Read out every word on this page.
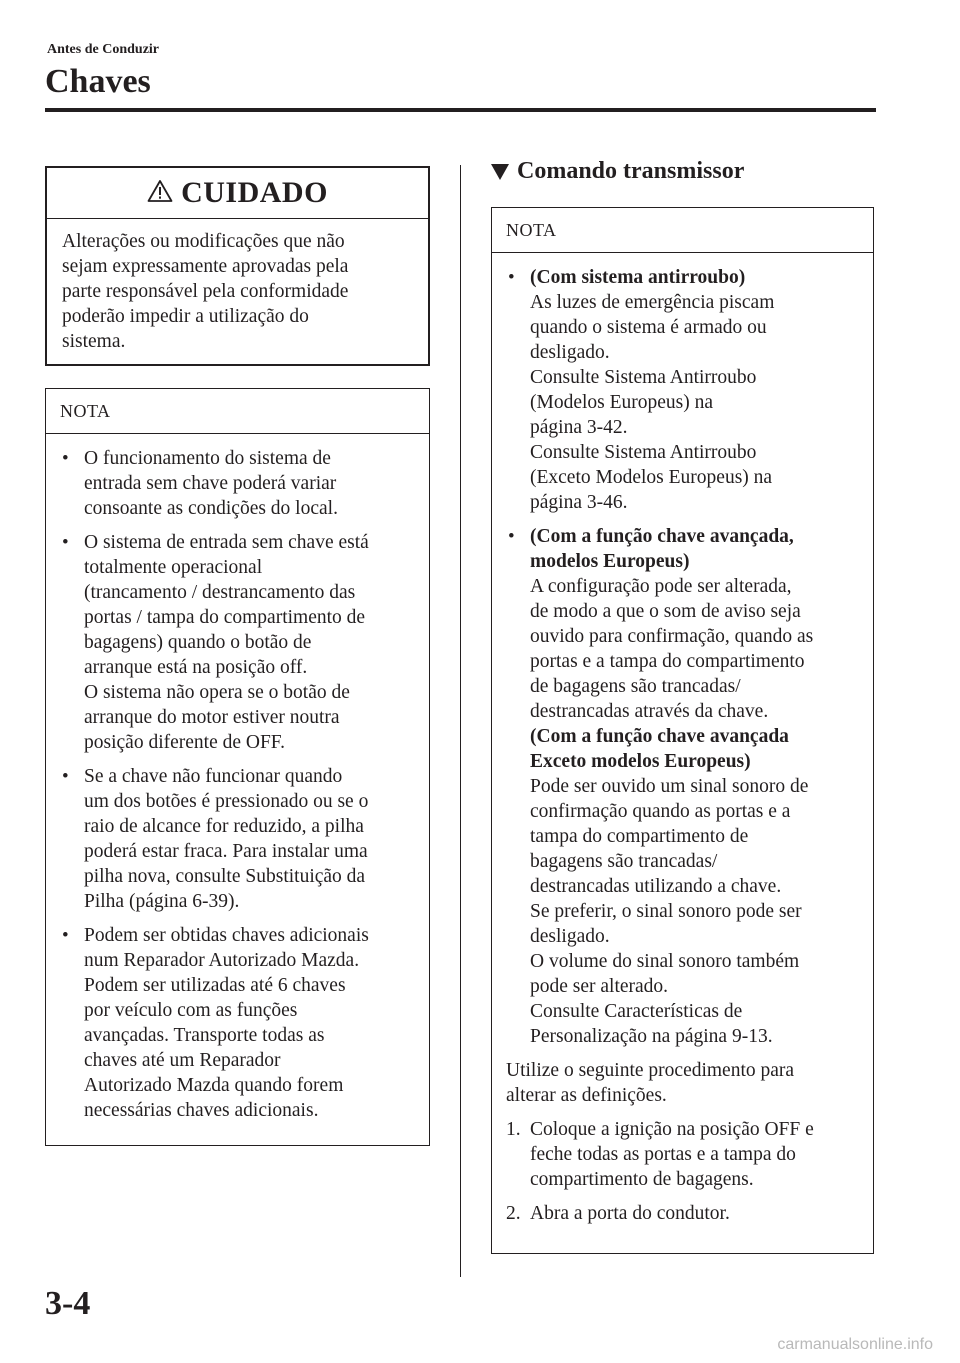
Antes de Conduzir
Chaves
CUIDADO
Alterações ou modificações que não
sejam expressamente aprovadas pela
parte responsável pela conformidade
poderão impedir a utilização do
sistema.
NOTA
• O funcionamento do sistema de
entrada sem chave poderá variar
consoante as condições do local.
• O sistema de entrada sem chave está
totalmente operacional
(trancamento / destrancamento das
portas / tampa do compartimento de
bagagens) quando o botão de
arranque está na posição off.
O sistema não opera se o botão de
arranque do motor estiver noutra
posição diferente de OFF.
• Se a chave não funcionar quando
um dos botões é pressionado ou se o
raio de alcance for reduzido, a pilha
poderá estar fraca. Para instalar uma
pilha nova, consulte Substituição da
Pilha (página 6-39).
• Podem ser obtidas chaves adicionais
num Reparador Autorizado Mazda.
Podem ser utilizadas até 6 chaves
por veículo com as funções
avançadas. Transporte todas as
chaves até um Reparador
Autorizado Mazda quando forem
necessárias chaves adicionais.
Comando transmissor
NOTA
• (Com sistema antirroubo)
As luzes de emergência piscam
quando o sistema é armado ou
desligado.
Consulte Sistema Antirroubo
(Modelos Europeus) na
página 3-42.
Consulte Sistema Antirroubo
(Exceto Modelos Europeus) na
página 3-46.
• (Com a função chave avançada,
modelos Europeus)
A configuração pode ser alterada,
de modo a que o som de aviso seja
ouvido para confirmação, quando as
portas e a tampa do compartimento
de bagagens são trancadas/
destrancadas através da chave.
(Com a função chave avançada
Exceto modelos Europeus)
Pode ser ouvido um sinal sonoro de
confirmação quando as portas e a
tampa do compartimento de
bagagens são trancadas/
destrancadas utilizando a chave.
Se preferir, o sinal sonoro pode ser
desligado.
O volume do sinal sonoro também
pode ser alterado.
Consulte Características de
Personalização na página 9-13.
Utilize o seguinte procedimento para
alterar as definições.
1. Coloque a ignição na posição OFF e
feche todas as portas e a tampa do
compartimento de bagagens.
2. Abra a porta do condutor.
3-4
carmanualsonline.info
